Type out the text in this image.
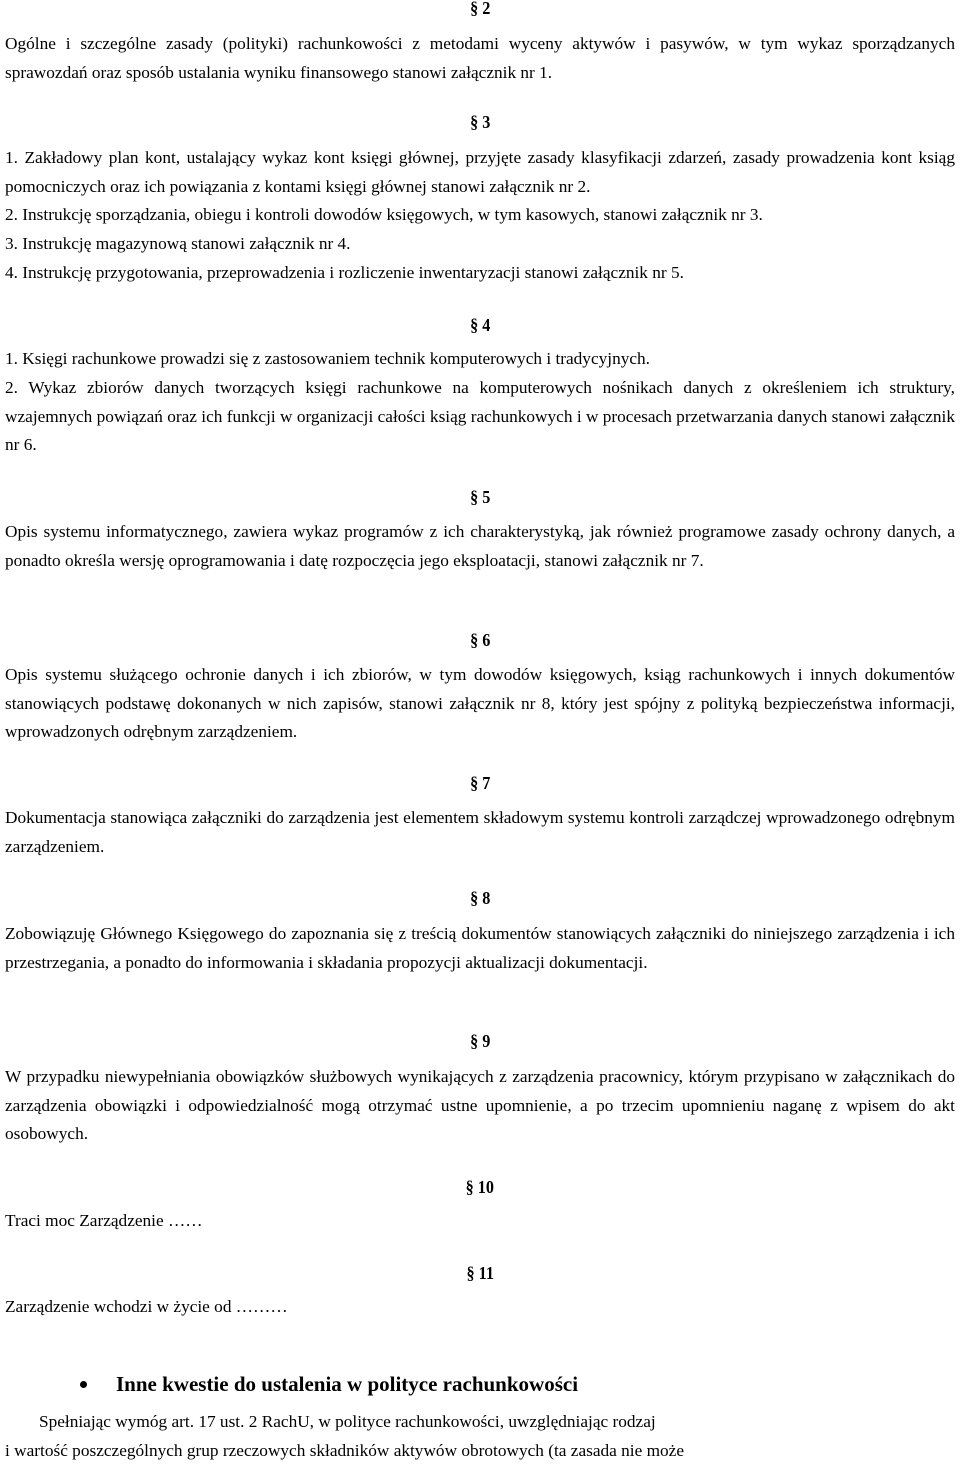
§ 2

Ogólne i szczególne zasady (polityki) rachunkowości z metodami wyceny aktywów i pasywów, w tym wykaz sporządzanych sprawozdań oraz sposób ustalania wyniku finansowego stanowi załącznik nr 1.

§ 3

1. Zakładowy plan kont, ustalający wykaz kont księgi głównej, przyjęte zasady klasyfikacji zdarzeń, zasady prowadzenia kont ksiąg pomocniczych oraz ich powiązania z kontami księgi głównej stanowi załącznik nr 2.

2. Instrukcję sporządzania, obiegu i kontroli dowodów księgowych, w tym kasowych, stanowi załącznik nr 3.

3. Instrukcję magazynową stanowi załącznik nr 4.

4. Instrukcję przygotowania, przeprowadzenia i rozliczenie inwentaryzacji stanowi załącznik nr 5.

§ 4

1. Księgi rachunkowe prowadzi się z zastosowaniem technik komputerowych i tradycyjnych.

2. Wykaz zbiorów danych tworzących księgi rachunkowe na komputerowych nośnikach danych z określeniem ich struktury, wzajemnych powiązań oraz ich funkcji w organizacji całości ksiąg rachunkowych i w procesach przetwarzania danych stanowi załącznik nr 6.

§ 5

Opis systemu informatycznego, zawiera wykaz programów z ich charakterystyką, jak również programowe zasady ochrony danych, a ponadto określa wersję oprogramowania i datę rozpoczęcia jego eksploatacji, stanowi załącznik nr 7.

§ 6

Opis systemu służącego ochronie danych i ich zbiorów, w tym dowodów księgowych, ksiąg rachunkowych i innych dokumentów stanowiących podstawę dokonanych w nich zapisów, stanowi załącznik nr 8, który jest spójny z polityką bezpieczeństwa informacji, wprowadzonych odrębnym zarządzeniem.

§ 7

Dokumentacja stanowiąca załączniki do zarządzenia jest elementem składowym systemu kontroli zarządczej wprowadzonego odrębnym zarządzeniem.

§ 8

Zobowiązuję Głównego Księgowego do zapoznania się z treścią dokumentów stanowiących załączniki do niniejszego zarządzenia i ich przestrzegania, a ponadto do informowania i składania propozycji aktualizacji dokumentacji.

§ 9

W przypadku niewypełniania obowiązków służbowych wynikających z zarządzenia pracownicy, którym przypisano w załącznikach do zarządzenia obowiązki i odpowiedzialność mogą otrzymać ustne upomnienie, a po trzecim upomnieniu naganę z wpisem do akt osobowych.

§ 10

Traci moc Zarządzenie ……

§ 11

Zarządzenie wchodzi w życie od ………

Inne kwestie do ustalenia w polityce rachunkowości

Spełniając wymóg art. 17 ust. 2 RachU, w polityce rachunkowości, uwzględniając rodzaj
i wartość poszczególnych grup rzeczowych składników aktywów obrotowych (ta zasada nie może
